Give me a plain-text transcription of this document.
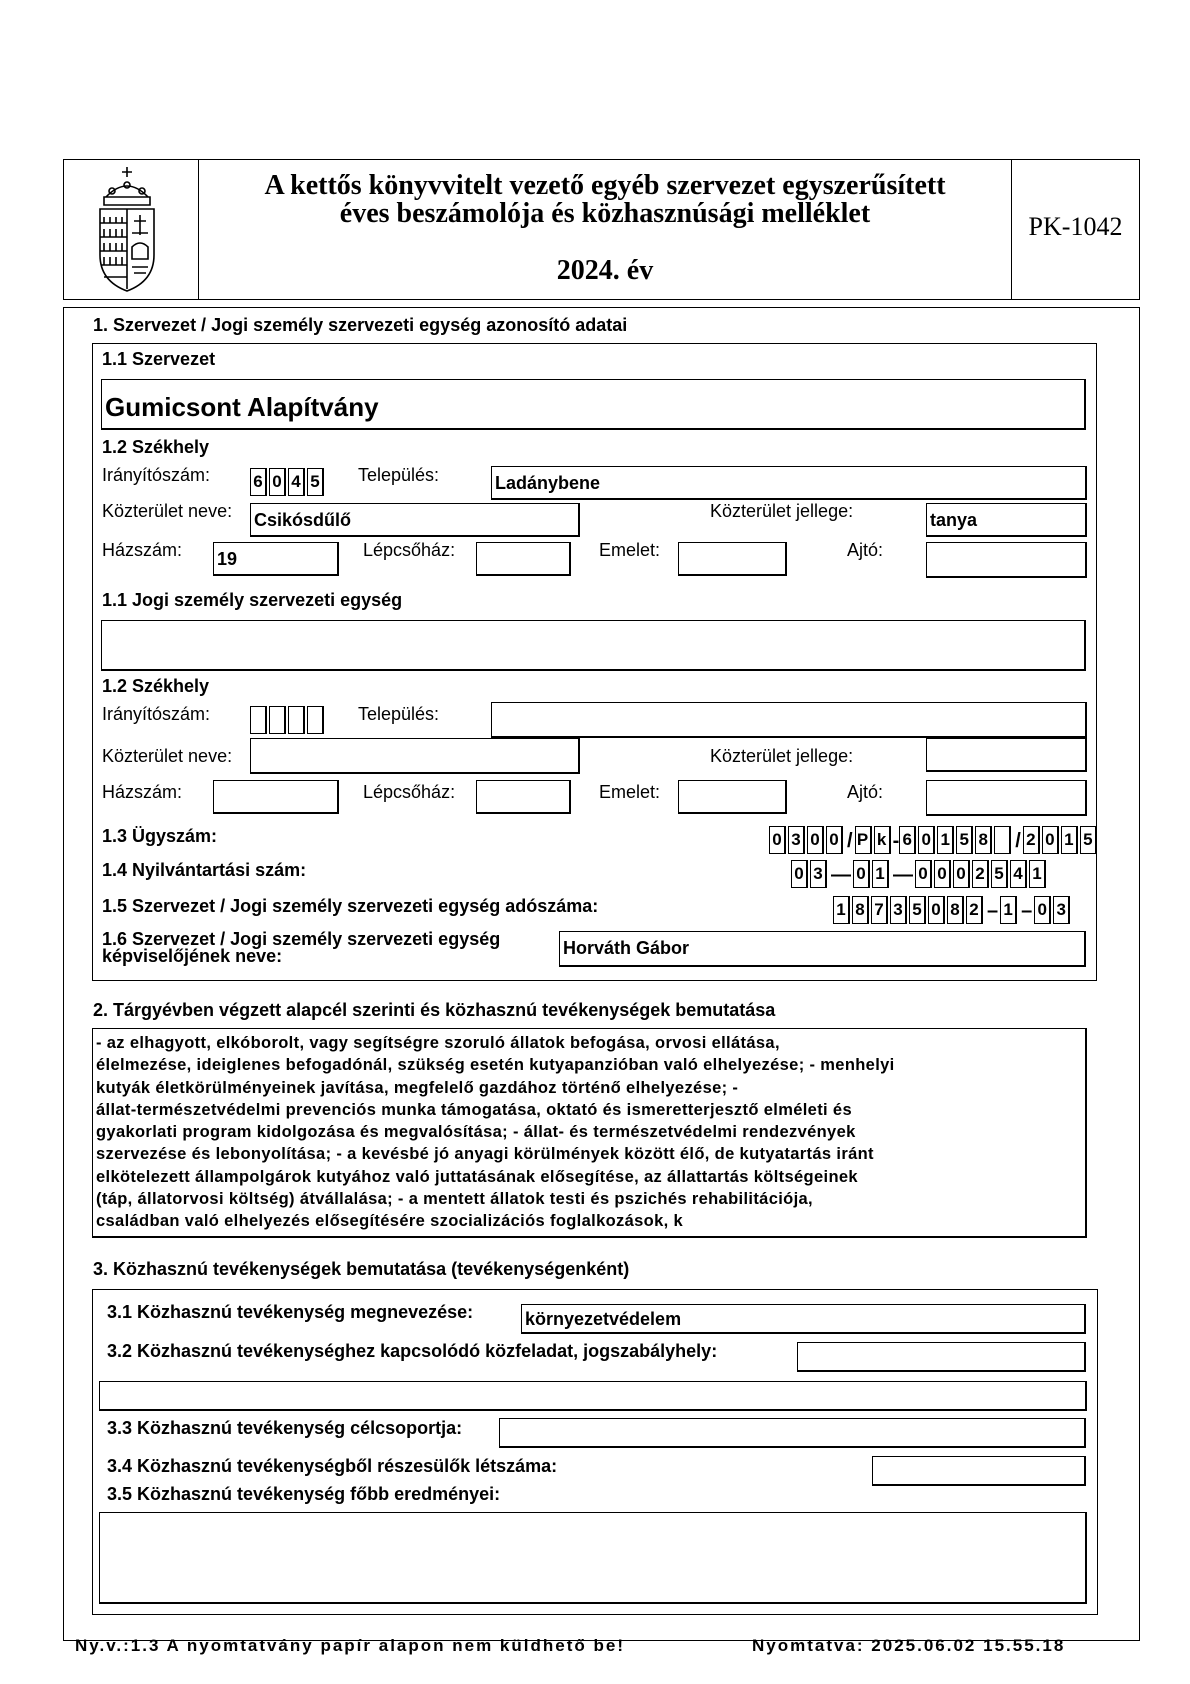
A kettős könyvvitelt vezető egyéb szervezet egyszerűsített
éves beszámolója és közhasznúsági melléklet
2024. év
PK-1042
1. Szervezet / Jogi személy szervezeti egység azonosító adatai
1.1 Szervezet
Gumicsont Alapítvány
1.2 Székhely
Irányítószám:	6 0 4 5 Település:	Ladánybene
Közterület neve: Csikósdűlő	Közterület jellege:	tanya
Házszám: 19	Lépcsőház:	Emelet:	Ajtó:
1.1 Jogi személy szervezeti egység
1.2 Székhely
Irányítószám:	Település:
Közterület neve:	Közterület jellege:
Házszám:	Lépcsőház:	Emelet:	Ajtó:
1.3 Ügyszám:	0 3 0 0 / P k - 6 0 1 5 8 / 2 0 1 5
1.4 Nyilvántartási szám:	0 3 — 0 1 — 0 0 0 2 5 4 1
1.5 Szervezet / Jogi személy szervezeti egység adószáma:	1 8 7 3 5 0 8 2 – 1 – 0 3
1.6 Szervezet / Jogi személy szervezeti egység
képviselőjének neve:	Horváth Gábor
2. Tárgyévben végzett alapcél szerinti és közhasznú tevékenységek bemutatása
- az elhagyott, elkóborolt, vagy segítségre szoruló állatok befogása, orvosi ellátása,
élelmezése, ideiglenes befogadónál, szükség esetén kutyapanzióban való elhelyezése; - menhelyi
kutyák életkörülményeinek javítása, megfelelő gazdához történő elhelyezése; -
állat-természetvédelmi prevenciós munka támogatása, oktató és ismeretterjesztő elméleti és
gyakorlati program kidolgozása és megvalósítása; - állat- és természetvédelmi rendezvények
szervezése és lebonyolítása; - a kevésbé jó anyagi körülmények között élő, de kutyatartás iránt
elkötelezett állampolgárok kutyához való juttatásának elősegítése, az állattartás költségeinek
(táp, állatorvosi költség) átvállalása; - a mentett állatok testi és pszichés rehabilitációja,
családban való elhelyezés elősegítésére szocializációs foglalkozások, k
3. Közhasznú tevékenységek bemutatása (tevékenységenként)
3.1 Közhasznú tevékenység megnevezése:	környezetvédelem
3.2 Közhasznú tevékenységhez kapcsolódó közfeladat, jogszabályhely:
3.3 Közhasznú tevékenység célcsoportja:
3.4 Közhasznú tevékenységből részesülők létszáma:
3.5 Közhasznú tevékenység főbb eredményei:
Ny.v.:1.3 A nyomtatvány papír alapon nem küldhető be!	Nyomtatva: 2025.06.02 15.55.18
